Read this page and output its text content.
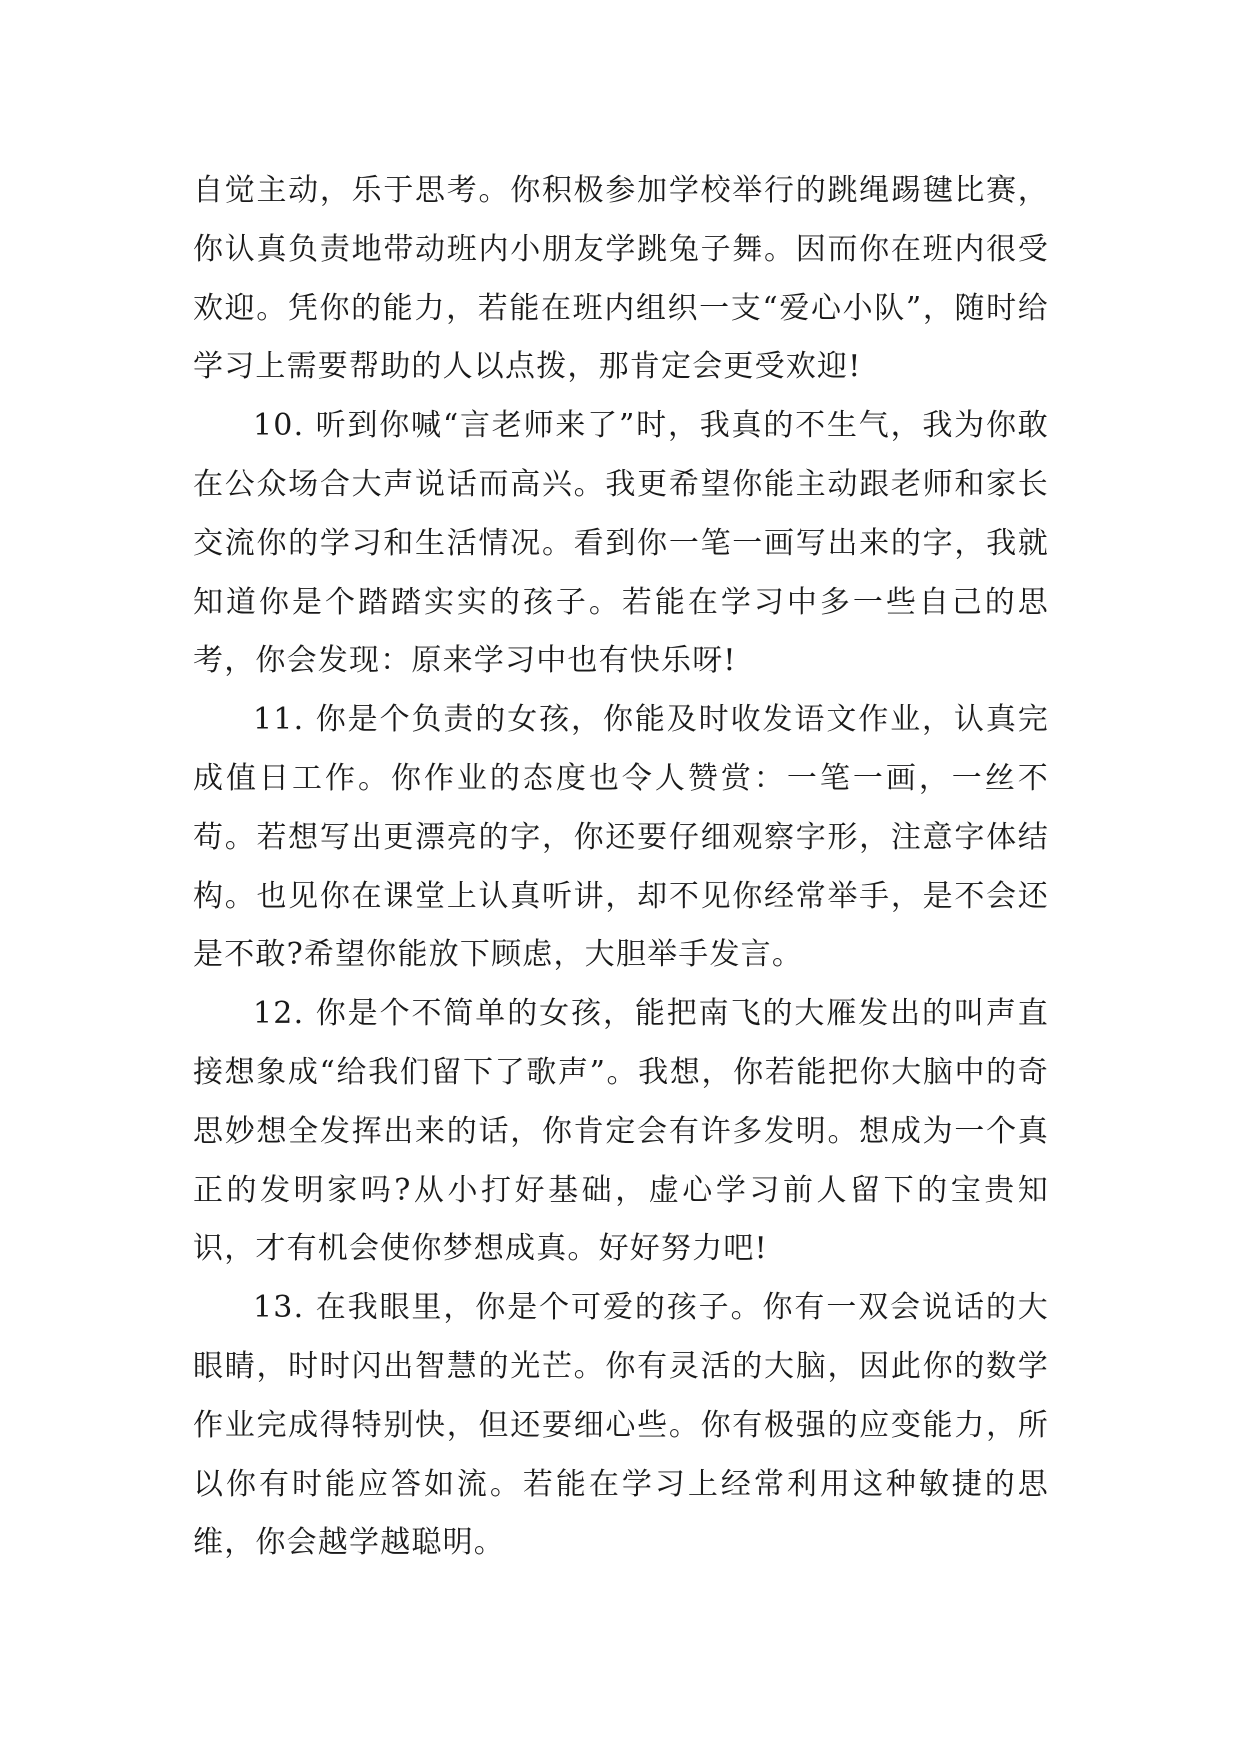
自觉主动，乐于思考。你积极参加学校举行的跳绳踢毽比赛，你认真负责地带动班内小朋友学跳兔子舞。因而你在班内很受欢迎。凭你的能力，若能在班内组织一支“爱心小队”，随时给学习上需要帮助的人以点拨，那肯定会更受欢迎!

10. 听到你喊“言老师来了”时，我真的不生气，我为你敢在公众场合大声说话而高兴。我更希望你能主动跟老师和家长交流你的学习和生活情况。看到你一笔一画写出来的字，我就知道你是个踏踏实实的孩子。若能在学习中多一些自己的思考，你会发现：原来学习中也有快乐呀!

11. 你是个负责的女孩，你能及时收发语文作业，认真完成值日工作。你作业的态度也令人赞赏：一笔一画，一丝不苟。若想写出更漂亮的字，你还要仔细观察字形，注意字体结构。也见你在课堂上认真听讲，却不见你经常举手，是不会还是不敢?希望你能放下顾虑，大胆举手发言。

12. 你是个不简单的女孩，能把南飞的大雁发出的叫声直接想象成“给我们留下了歌声”。我想，你若能把你大脑中的奇思妙想全发挥出来的话，你肯定会有许多发明。想成为一个真正的发明家吗?从小打好基础，虚心学习前人留下的宝贵知识，才有机会使你梦想成真。好好努力吧!

13. 在我眼里，你是个可爱的孩子。你有一双会说话的大眼睛，时时闪出智慧的光芒。你有灵活的大脑，因此你的数学作业完成得特别快，但还要细心些。你有极强的应变能力，所以你有时能应答如流。若能在学习上经常利用这种敏捷的思维，你会越学越聪明。
